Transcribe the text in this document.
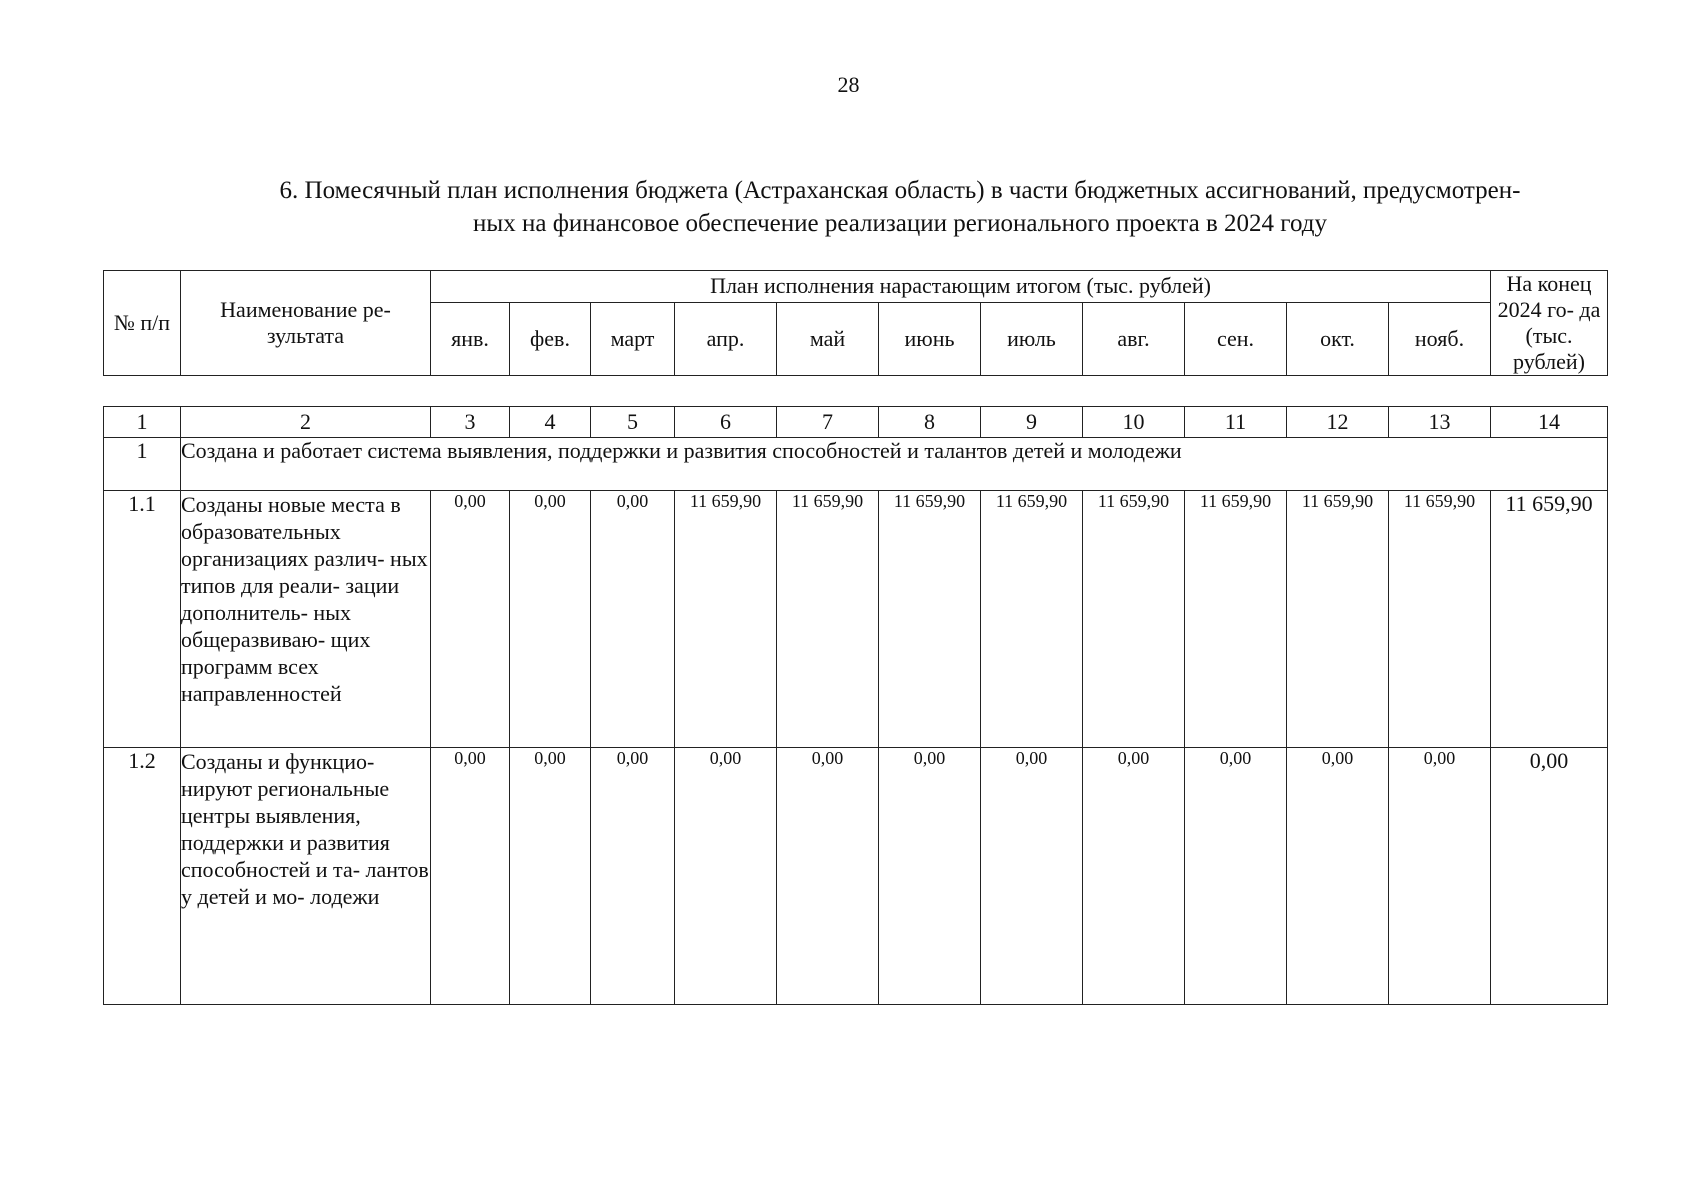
28
6. Помесячный план исполнения бюджета (Астраханская область) в части бюджетных ассигнований, предусмотрен-
ных на финансовое обеспечение реализации регионального проекта в 2024 году
№ п/п	Наименование ре- зультата	План исполнения нарастающим итогом (тыс. рублей)											На конец 2024 го- да (тыс. рублей)
		янв.	фев.	март	апр.	май	июнь	июль	авг.	сен.	окт.	нояб.	
1	2	3	4	5	6	7	8	9	10	11	12	13	14
1	Создана и работает система выявления, поддержки и развития способностей и талантов детей и молодежи												
1.1	Созданы новые места в образовательных организациях различ- ных типов для реали- зации дополнитель- ных общеразвиваю- щих программ всех направленностей	0,00	0,00	0,00	11 659,90	11 659,90	11 659,90	11 659,90	11 659,90	11 659,90	11 659,90	11 659,90	11 659,90
1.2	Созданы и функцио- нируют региональные центры выявления, поддержки и развития способностей и та- лантов у детей и мо- лодежи	0,00	0,00	0,00	0,00	0,00	0,00	0,00	0,00	0,00	0,00	0,00	0,00
